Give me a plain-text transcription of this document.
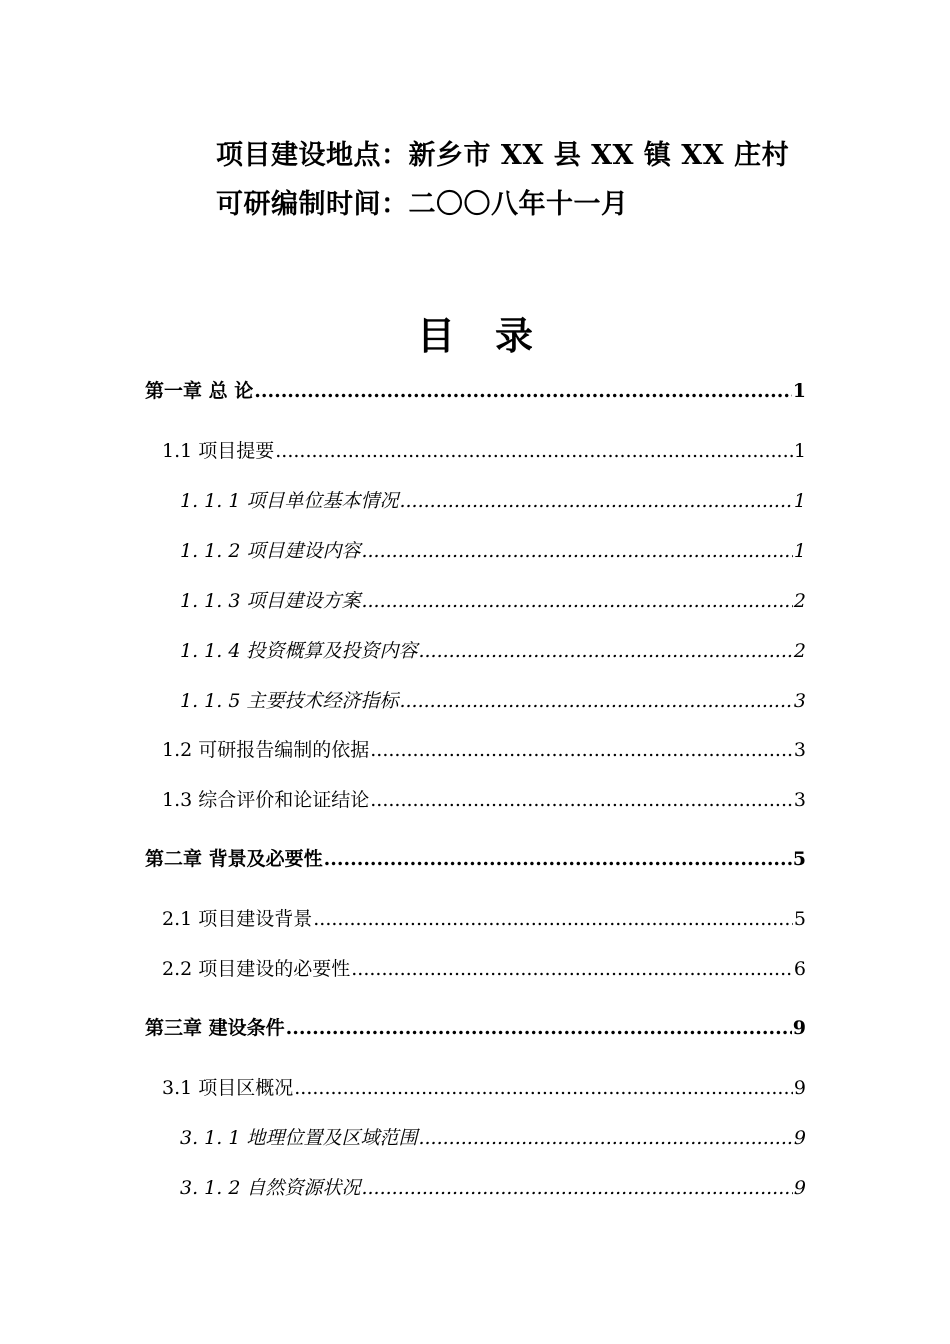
项目建设地点：新乡市 XX 县 XX 镇 XX 庄村
可研编制时间：二〇〇八年十一月
目录
第一章 总 论 .....	1
1.1 项目提要 .....	1
1. 1. 1 项目单位基本情况 .....	1
1. 1. 2 项目建设内容 .....	1
1. 1. 3 项目建设方案 .....	2
1. 1. 4 投资概算及投资内容 .....	2
1. 1. 5 主要技术经济指标 .....	3
1.2 可研报告编制的依据 .....	3
1.3 综合评价和论证结论 .....	3
第二章 背景及必要性 .....	5
2.1 项目建设背景 .....	5
2.2 项目建设的必要性 .....	6
第三章 建设条件 .....	9
3.1 项目区概况 .....	9
3. 1. 1 地理位置及区域范围 .....	9
3. 1. 2 自然资源状况 .....	9
